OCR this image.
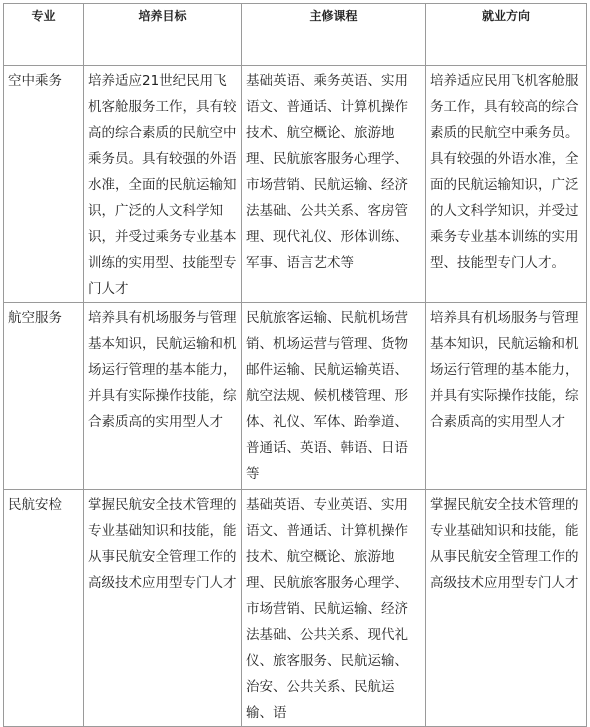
专业	培养目标	主修课程	就业方向
空中乘务	培养适应21世纪民用飞机客舱服务工作，具有较高的综合素质的民航空中乘务员。具有较强的外语水准，全面的民航运输知识，广泛的人文科学知识，并受过乘务专业基本训练的实用型、技能型专门人才	基础英语、乘务英语、实用语文、普通话、计算机操作技术、航空概论、旅游地理、民航旅客服务心理学、市场营销、民航运输、经济法基础、公共关系、客房管理、现代礼仪、形体训练、军事、语言艺术等	培养适应民用飞机客舱服务工作，具有较高的综合素质的民航空中乘务员。具有较强的外语水准，全面的民航运输知识，广泛的人文科学知识，并受过乘务专业基本训练的实用型、技能型专门人才。
航空服务	培养具有机场服务与管理基本知识，民航运输和机场运行管理的基本能力，并具有实际操作技能，综合素质高的实用型人才	民航旅客运输、民航机场营销、机场运营与管理、货物邮件运输、民航运输英语、航空法规、候机楼管理、形体、礼仪、军体、跆拳道、普通话、英语、韩语、日语等	培养具有机场服务与管理基本知识，民航运输和机场运行管理的基本能力，并具有实际操作技能，综合素质高的实用型人才
民航安检	掌握民航安全技术管理的专业基础知识和技能，能从事民航安全管理工作的高级技术应用型专门人才	基础英语、专业英语、实用语文、普通话、计算机操作技术、航空概论、旅游地理、民航旅客服务心理学、市场营销、民航运输、经济法基础、公共关系、现代礼仪、旅客服务、民航运输、治安、公共关系、民航运输、语	掌握民航安全技术管理的专业基础知识和技能，能从事民航安全管理工作的高级技术应用型专门人才
